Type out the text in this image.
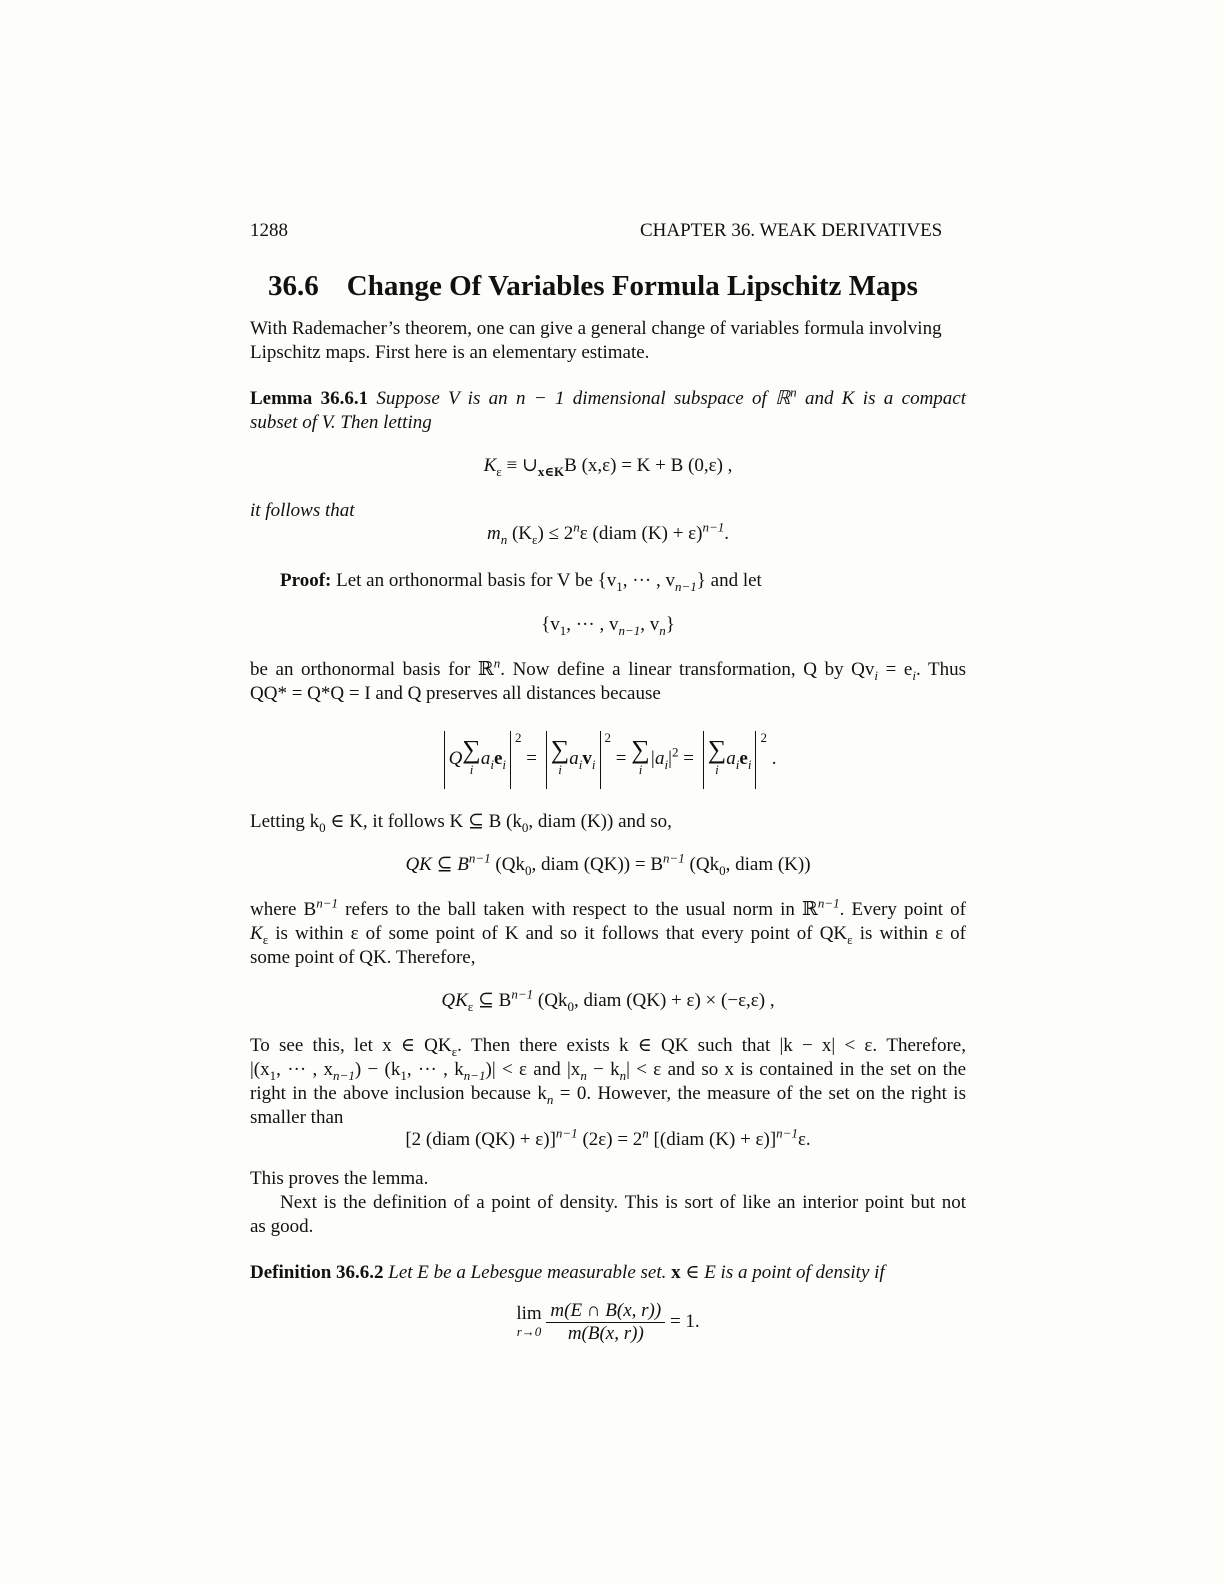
1288	CHAPTER 36. WEAK DERIVATIVES
36.6 Change Of Variables Formula Lipschitz Maps
With Rademacher’s theorem, one can give a general change of variables formula involving
Lipschitz maps. First here is an elementary estimate.
Lemma 36.6.1 Suppose V is an n − 1 dimensional subspace of ℝ$^n$ and K is a compact
subset of V. Then letting
$K_\varepsilon$ ≡ $\cup_{x\in K}B$ (x,ε) = K + B (0,ε) ,
it follows that
$m_n$ $(K_\varepsilon) \le 2^n\varepsilon$ (diam (K) + ε)$^{n-1}$.
Proof: Let an orthonormal basis for V be {$v_1$, ··· , $v_{n-1}$} and let
{$v_1$, ··· , $v_{n-1}$, $v_n$}
be an orthonormal basis for ℝ$^n$. Now define a linear transformation, Q by $Qv_i = e_i$. Thus
QQ* = Q*Q = I and Q preserves all distances because
Q ∑
i
$a_ie_i^2$ = ∑
i
$a_iv_i^2$ = ∑
i
$|a_i|^2$ = ∑
i
$a_ie_i^2$ .
Letting $k_0$ ∈ K, it follows K ⊆ B ($k_0$, diam (K)) and so,
QK ⊆ $B^{n-1}$ ($Qk_0$, diam $(QK)) = B^{n-1}$ ($Qk_0$, diam (K))
where $B^{n-1}$ refers to the ball taken with respect to the usual norm in ℝ$^{n-1}$. Every point of
$K_\varepsilon$ is within ε of some point of K and so it follows that every point of $QK_\varepsilon$ is within ε of
some point of QK. Therefore,
$QK_\varepsilon$ ⊆ $B^{n-1}$ ($Qk_0$, diam (QK) + ε) × (−ε,ε) ,
To see this, let x ∈ $QK_\varepsilon$. Then there exists k ∈ QK such that |k − x| < ε. Therefore,
$|(x_1$, ··· , $x_{n-1}) - (k_1$, ··· , $k_{n-1})| < \varepsilon$ and $|x_n - k_n| < \varepsilon$ and so x is contained in the set on the
right in the above inclusion because $k_n = 0$. However, the measure of the set on the right is
smaller than
[2 (diam (QK) + ε)]$^{n-1}$ $(2\varepsilon) = 2^n$ [(diam (K) + ε)]$^{n-1}$ε.
This proves the lemma.
Next is the definition of a point of density. This is sort of like an interior point but not
as good.
Definition 36.6.2 Let E be a Lebesgue measurable set. x ∈ E is a point of density if
lim
r→0
$\frac{m(E \cap B(x, r))}{m(B(x, r))} = 1$.
